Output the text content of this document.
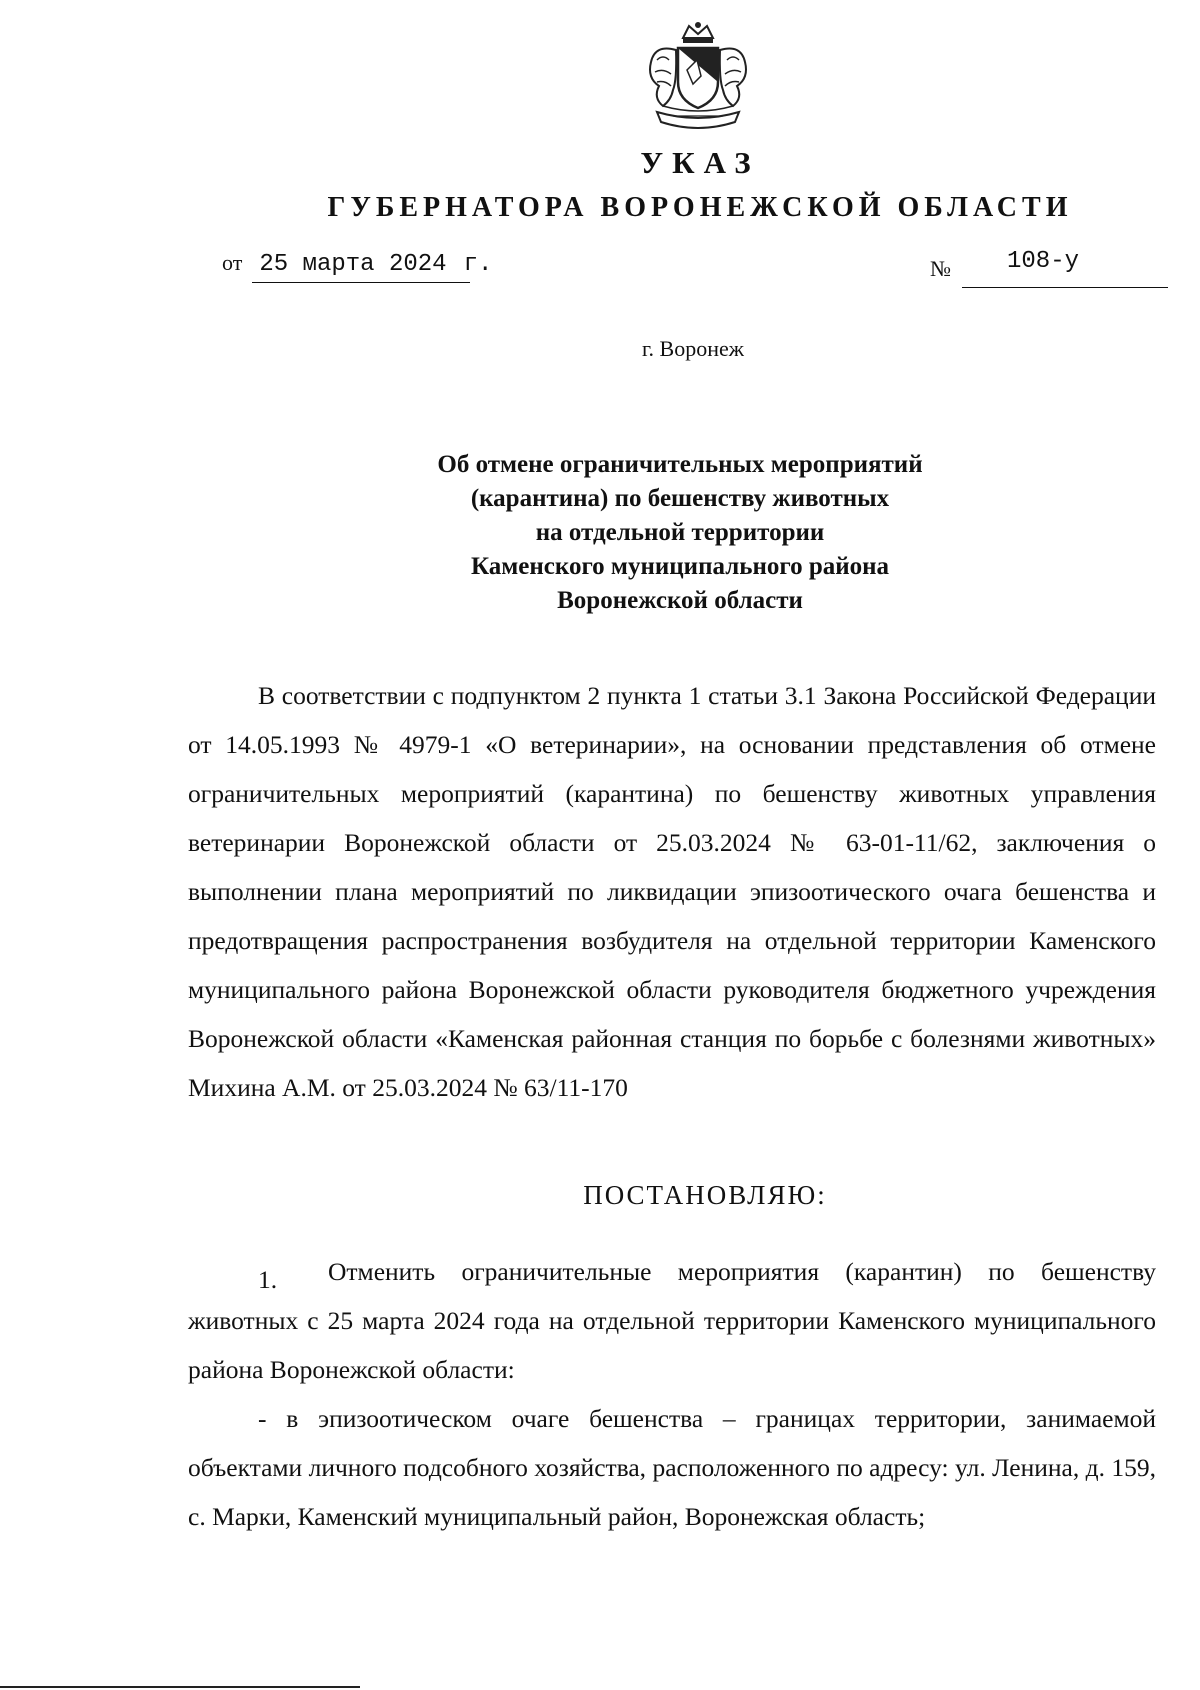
УКАЗ
ГУБЕРНАТОРА ВОРОНЕЖСКОЙ ОБЛАСТИ
от 25 марта 2024 г.	№ 108-у
г. Воронеж
Об отмене ограничительных мероприятий
(карантина) по бешенству животных
на отдельной территории
Каменского муниципального района
Воронежской области

В соответствии с подпунктом 2 пункта 1 статьи 3.1 Закона Российской Федерации от 14.05.1993 № 4979-1 «О ветеринарии», на основании представления об отмене ограничительных мероприятий (карантина) по бешенству животных управления ветеринарии Воронежской области от 25.03.2024 № 63-01-11/62, заключения о выполнении плана мероприятий по ликвидации эпизоотического очага бешенства и предотвращения распространения возбудителя на отдельной территории Каменского муниципального района Воронежской области руководителя бюджетного учреждения Воронежской области «Каменская районная станция по борьбе с болезнями животных» Михина А.М. от 25.03.2024 № 63/11-170

ПОСТАНОВЛЯЮ:
1.	Отменить ограничительные мероприятия (карантин) по бешенству животных с 25 марта 2024 года на отдельной территории Каменского муниципального района Воронежской области:

- в эпизоотическом очаге бешенства – границах территории, занимаемой объектами личного подсобного хозяйства, расположенного по адресу: ул. Ленина, д. 159, с. Марки, Каменский муниципальный район, Воронежская область;
